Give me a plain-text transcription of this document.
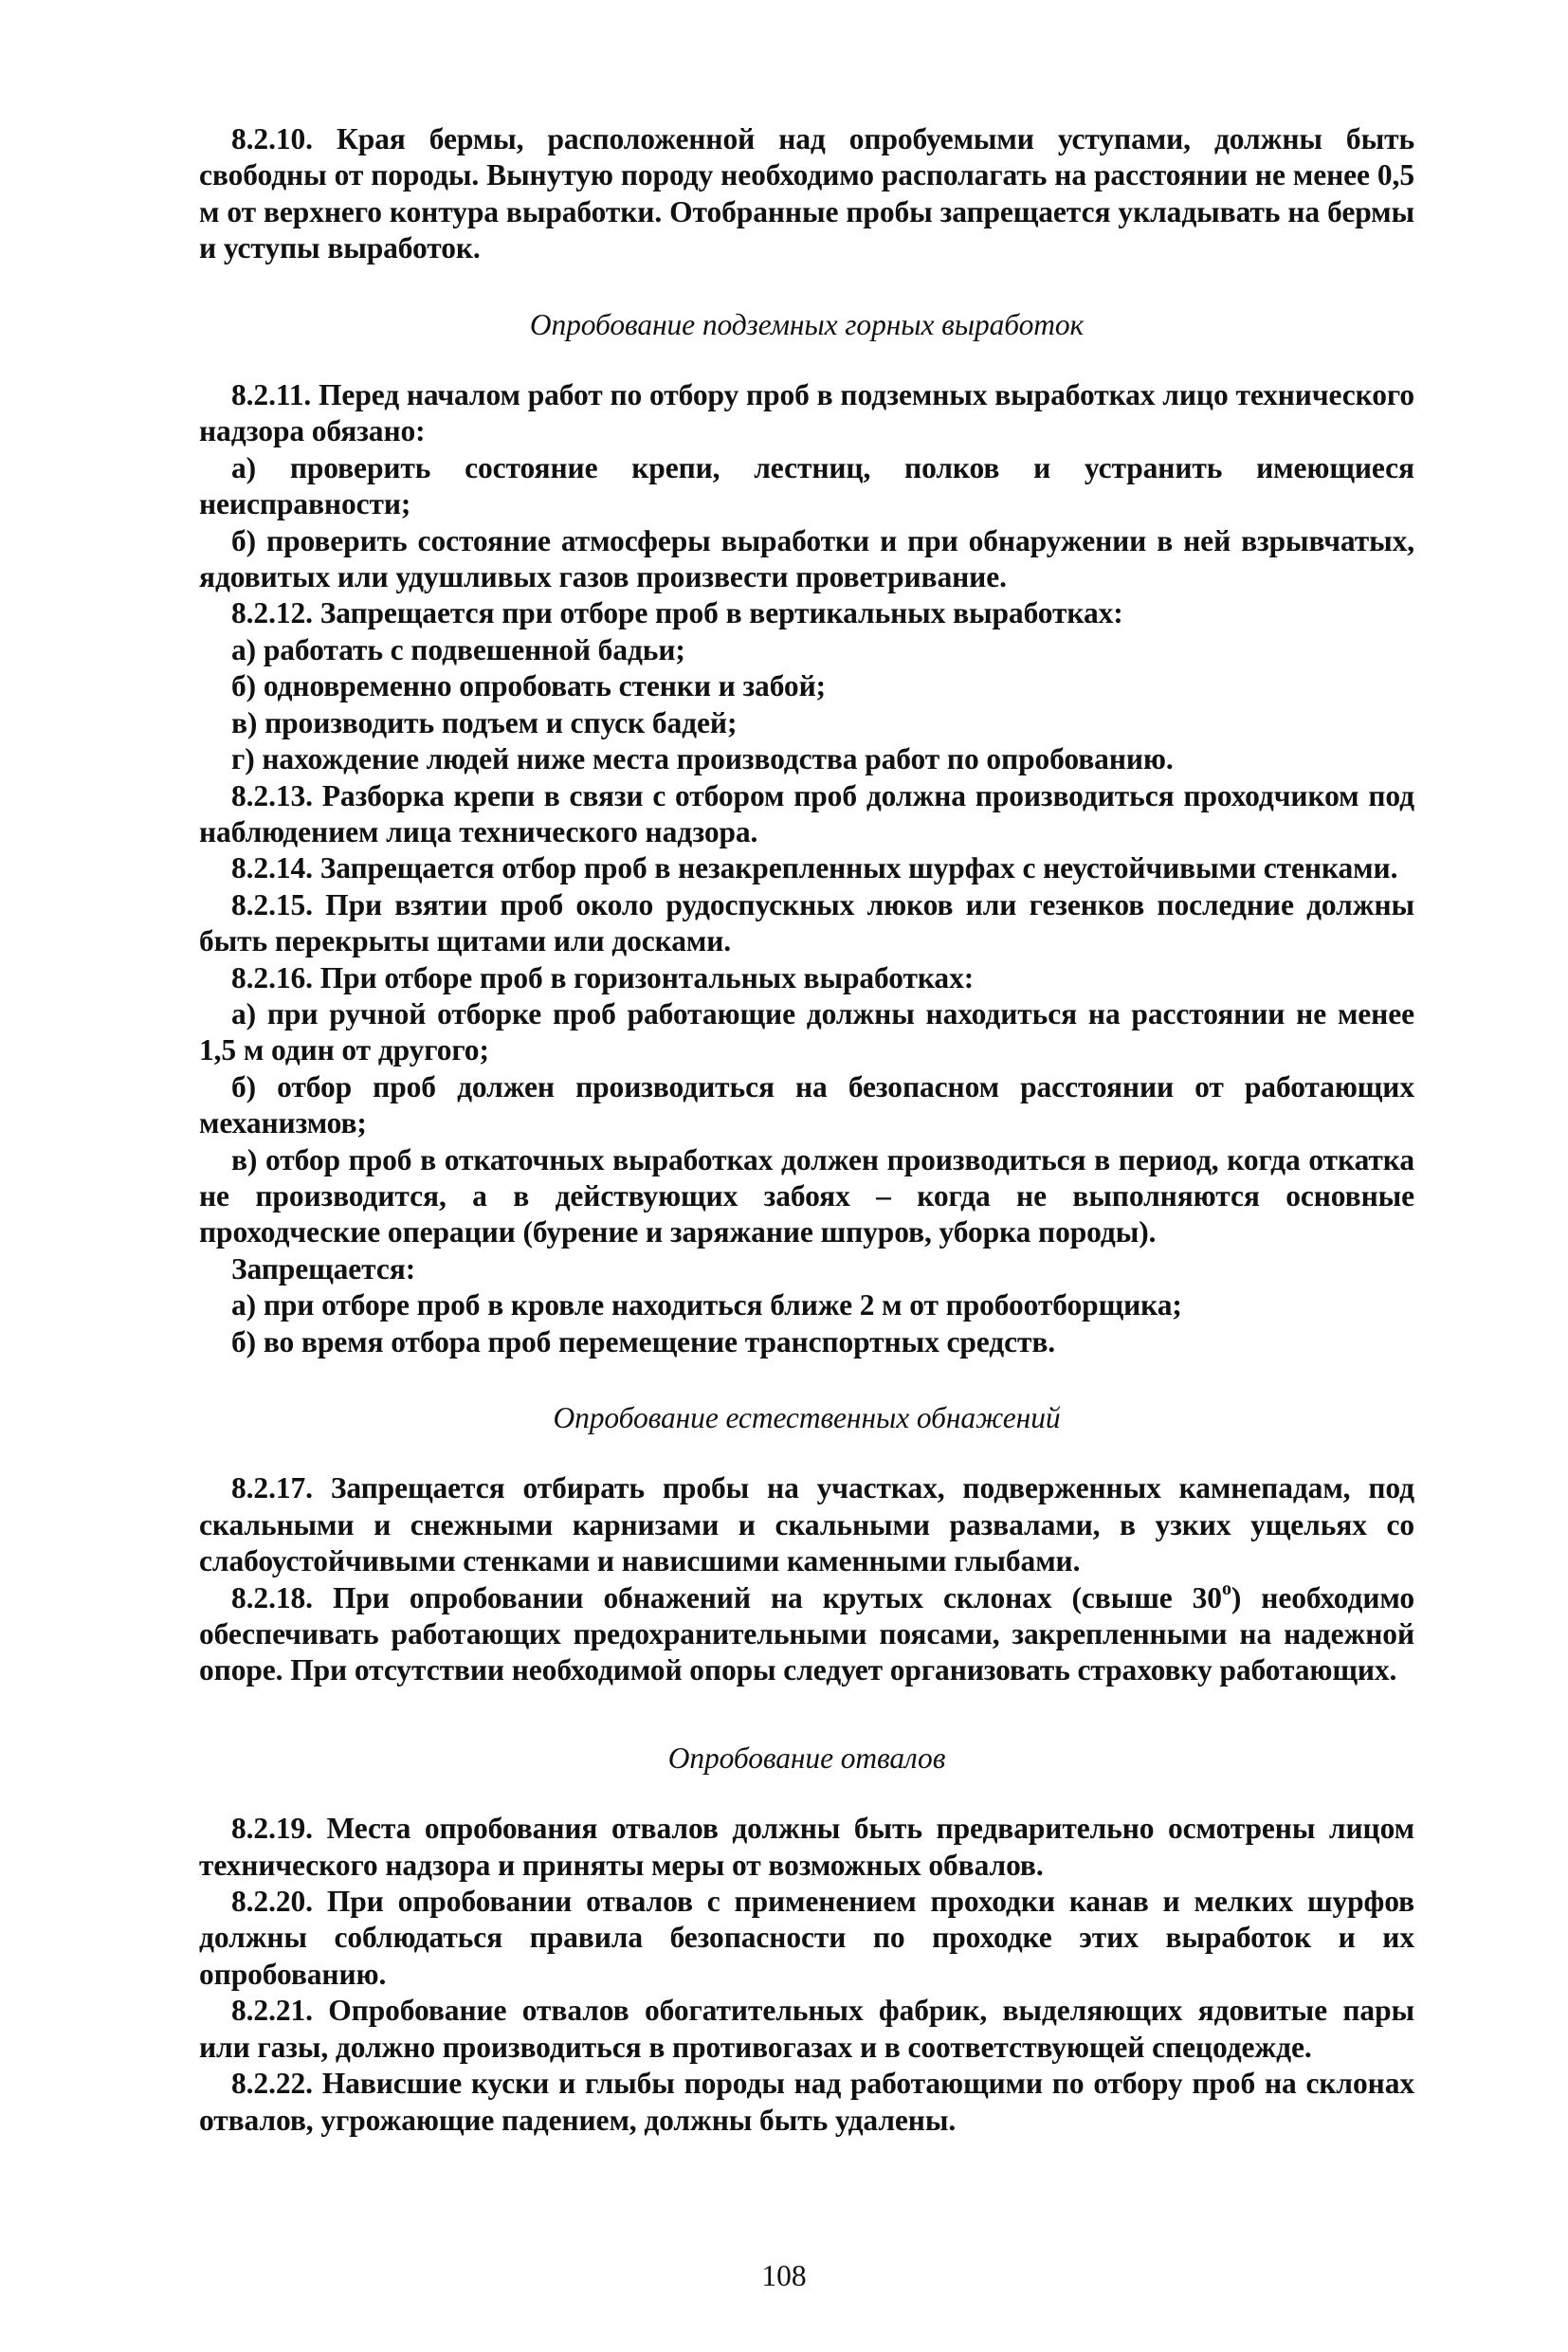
8.2.10. Края бермы, расположенной над опробуемыми уступами, должны быть свободны от породы. Вынутую породу необходимо располагать на расстоянии не менее 0,5 м от верхнего контура выработки. Отобранные пробы запрещается укладывать на бермы и уступы выработок.

Опробование подземных горных выработок

8.2.11. Перед началом работ по отбору проб в подземных выработках лицо технического надзора обязано:

а) проверить состояние крепи, лестниц, полков и устранить имеющиеся неисправности;

б) проверить состояние атмосферы выработки и при обнаружении в ней взрывчатых, ядовитых или удушливых газов произвести проветривание.

8.2.12. Запрещается при отборе проб в вертикальных выработках:

а) работать с подвешенной бадьи;

б) одновременно опробовать стенки и забой;

в) производить подъем и спуск бадей;

г) нахождение людей ниже места производства работ по опробованию.

8.2.13. Разборка крепи в связи с отбором проб должна производиться проходчиком под наблюдением лица технического надзора.

8.2.14. Запрещается отбор проб в незакрепленных шурфах с неустойчивыми стенками.

8.2.15. При взятии проб около рудоспускных люков или гезенков последние должны быть перекрыты щитами или досками.

8.2.16. При отборе проб в горизонтальных выработках:

а) при ручной отборке проб работающие должны находиться на расстоянии не менее 1,5 м один от другого;

б) отбор проб должен производиться на безопасном расстоянии от работающих механизмов;

в) отбор проб в откаточных выработках должен производиться в период, когда откатка не производится, а в действующих забоях – когда не выполняются основные проходческие операции (бурение и заряжание шпуров, уборка породы).

Запрещается:

а) при отборе проб в кровле находиться ближе 2 м от пробоотборщика;

б) во время отбора проб перемещение транспортных средств.

Опробование естественных обнажений

8.2.17. Запрещается отбирать пробы на участках, подверженных камнепадам, под скальными и снежными карнизами и скальными развалами, в узких ущельях со слабоустойчивыми стенками и нависшими каменными глыбами.

8.2.18. При опробовании обнажений на крутых склонах (свыше $30^о$) необходимо обеспечивать работающих предохранительными поясами, закрепленными на надежной опоре. При отсутствии необходимой опоры следует организовать страховку работающих.

Опробование отвалов

8.2.19. Места опробования отвалов должны быть предварительно осмотрены лицом технического надзора и приняты меры от возможных обвалов.

8.2.20. При опробовании отвалов с применением проходки канав и мелких шурфов должны соблюдаться правила безопасности по проходке этих выработок и их опробованию.

8.2.21. Опробование отвалов обогатительных фабрик, выделяющих ядовитые пары или газы, должно производиться в противогазах и в соответствующей спецодежде.

8.2.22. Нависшие куски и глыбы породы над работающими по отбору проб на склонах отвалов, угрожающие падением, должны быть удалены.

108
